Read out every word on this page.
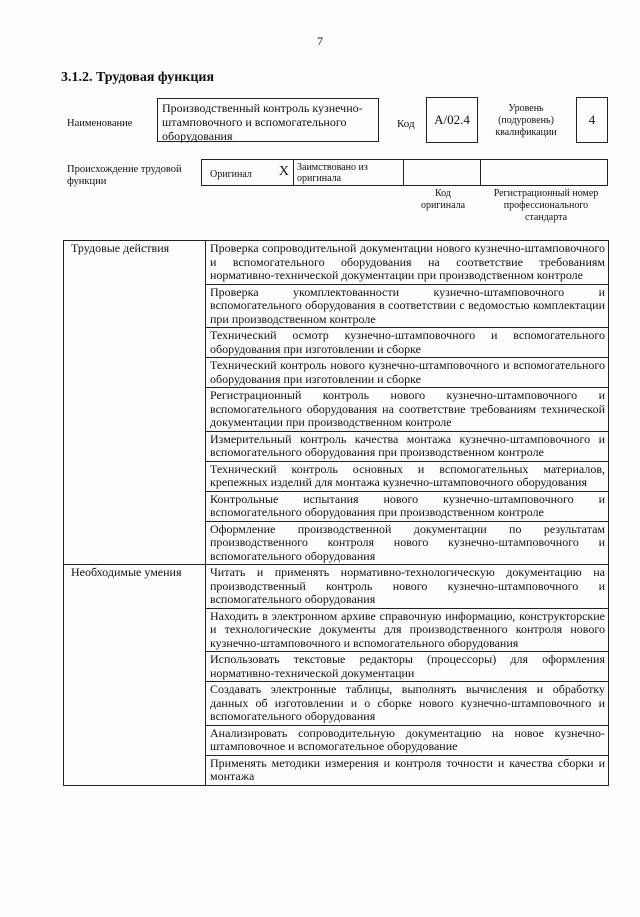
7
3.1.2. Трудовая функция
Наименование
Производственный контроль кузнечно-штамповочного и вспомогательного оборудования
Код	A/02.4
Уровень (подуровень) квалификации
4
Происхождение трудовой функции
Оригинал X Заимствовано из оригинала
Код оригинала
Регистрационный номер профессионального стандарта
Трудовые действия	Проверка сопроводительной документации нового кузнечно-штамповочного и вспомогательного оборудования на соответствие требованиям нормативно-технической документации при производственном контроле
	Проверка укомплектованности кузнечно-штамповочного и вспомогательного оборудования в соответствии с ведомостью комплектации при производственном контроле
	Технический осмотр кузнечно-штамповочного и вспомогательного оборудования при изготовлении и сборке
	Технический контроль нового кузнечно-штамповочного и вспомогательного оборудования при изготовлении и сборке
	Регистрационный контроль нового кузнечно-штамповочного и вспомогательного оборудования на соответствие требованиям технической документации при производственном контроле
	Измерительный контроль качества монтажа кузнечно-штамповочного и вспомогательного оборудования при производственном контроле
	Технический контроль основных и вспомогательных материалов, крепежных изделий для монтажа кузнечно-штамповочного оборудования
	Контрольные испытания нового кузнечно-штамповочного и вспомогательного оборудования при производственном контроле
	Оформление производственной документации по результатам производственного контроля нового кузнечно-штамповочного и вспомогательного оборудования
Необходимые умения	Читать и применять нормативно-технологическую документацию на производственный контроль нового кузнечно-штамповочного и вспомогательного оборудования
	Находить в электронном архиве справочную информацию, конструкторские и технологические документы для производственного контроля нового кузнечно-штамповочного и вспомогательного оборудования
	Использовать текстовые редакторы (процессоры) для оформления нормативно-технической документации
	Создавать электронные таблицы, выполнять вычисления и обработку данных об изготовлении и о сборке нового кузнечно-штамповочного и вспомогательного оборудования
	Анализировать сопроводительную документацию на новое кузнечно-штамповочное и вспомогательное оборудование
	Применять методики измерения и контроля точности и качества сборки и монтажа
